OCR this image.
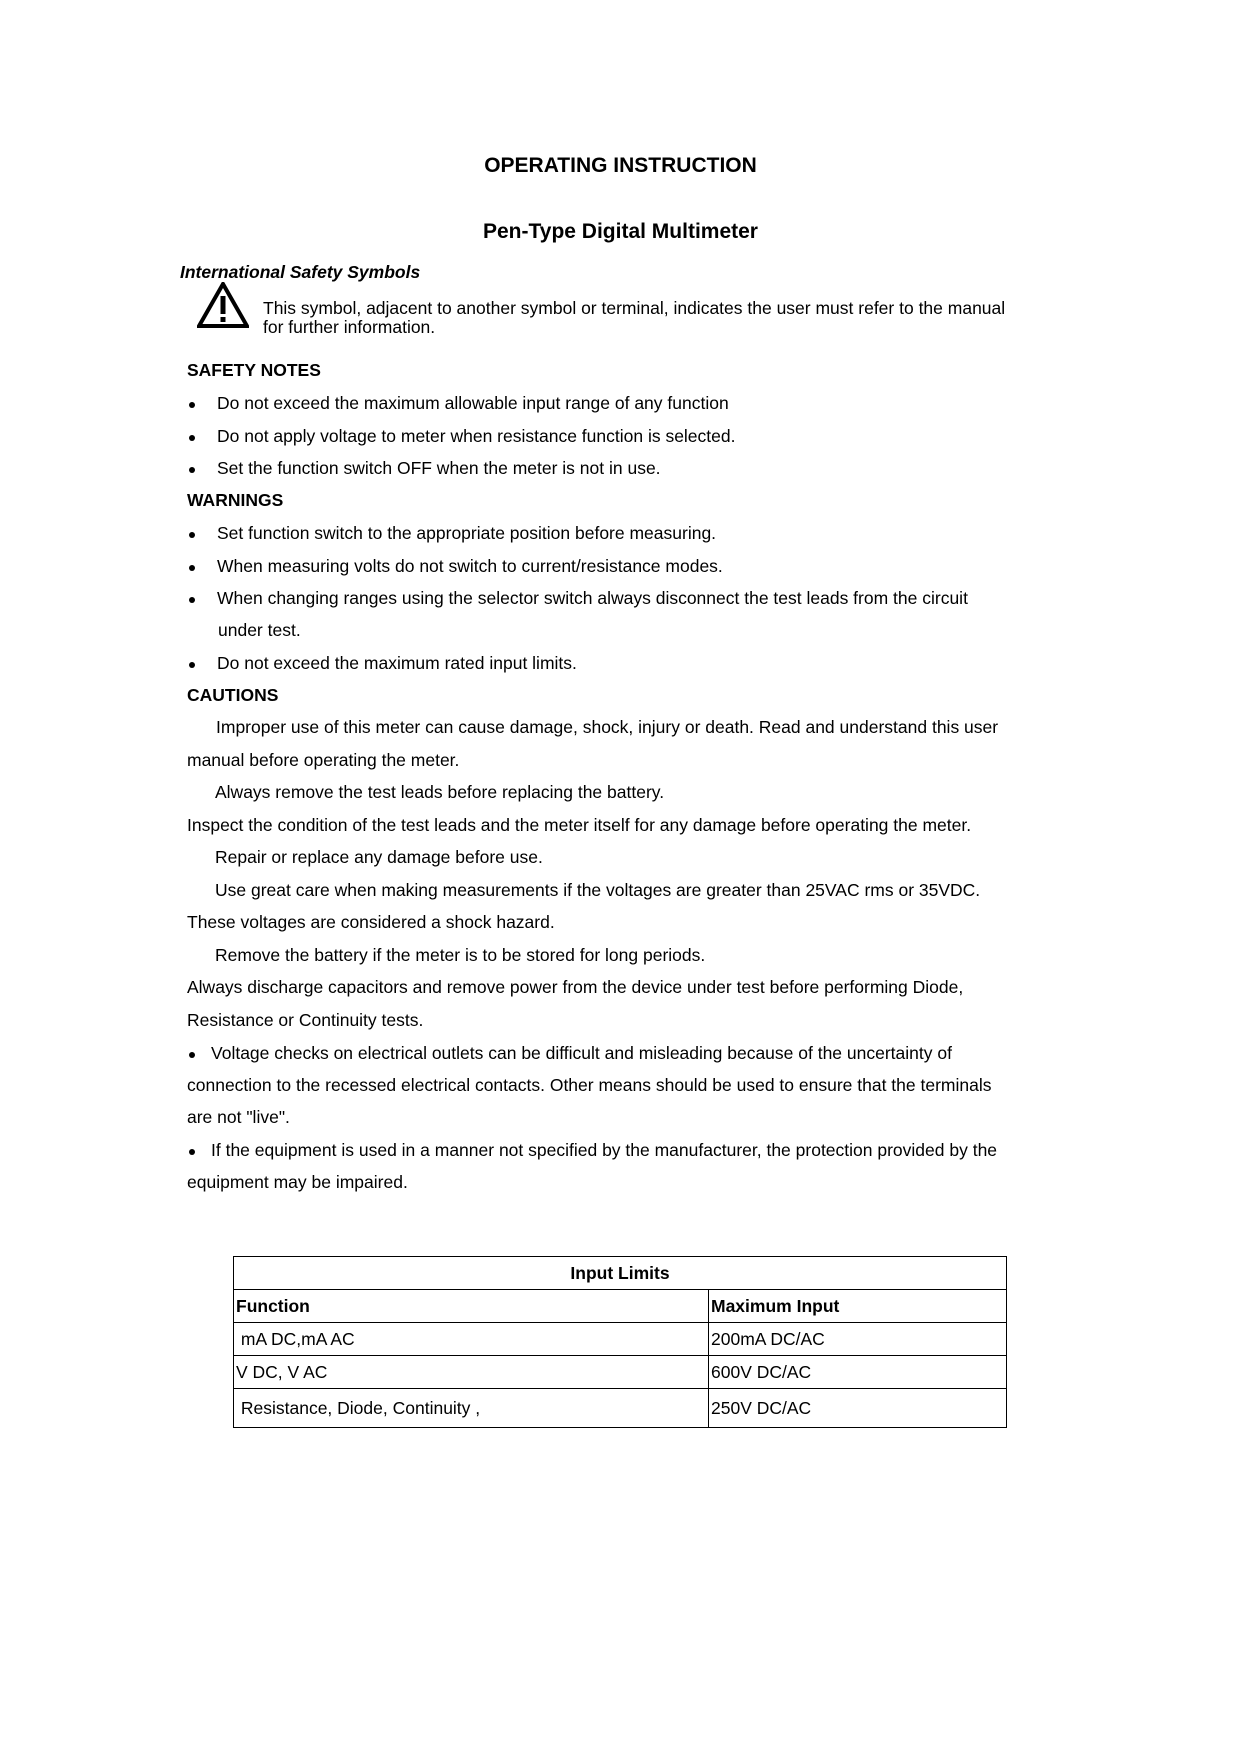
OPERATING INSTRUCTION
Pen-Type Digital Multimeter
International Safety Symbols
This symbol, adjacent to another symbol or terminal, indicates the user must refer to the manual
for further information.
SAFETY NOTES
Do not exceed the maximum allowable input range of any function
Do not apply voltage to meter when resistance function is selected.
Set the function switch OFF when the meter is not in use.
WARNINGS
Set function switch to the appropriate position before measuring.
When measuring volts do not switch to current/resistance modes.
When changing ranges using the selector switch always disconnect the test leads from the circuit
under test.
Do not exceed the maximum rated input limits.
CAUTIONS
Improper use of this meter can cause damage, shock, injury or death. Read and understand this user
manual before operating the meter.
Always remove the test leads before replacing the battery.
Inspect the condition of the test leads and the meter itself for any damage before operating the meter.
Repair or replace any damage before use.
Use great care when making measurements if the voltages are greater than 25VAC rms or 35VDC.
These voltages are considered a shock hazard.
Remove the battery if the meter is to be stored for long periods.
Always discharge capacitors and remove power from the device under test before performing Diode,
Resistance or Continuity tests.
Voltage checks on electrical outlets can be difficult and misleading because of the uncertainty of
connection to the recessed electrical contacts. Other means should be used to ensure that the terminals
are not "live".
If the equipment is used in a manner not specified by the manufacturer, the protection provided by the
equipment may be impaired.
Input Limits	
Function	Maximum Input
mA DC,mA AC	200mA DC/AC
V DC, V AC	600V DC/AC
Resistance, Diode, Continuity ,	250V DC/AC
